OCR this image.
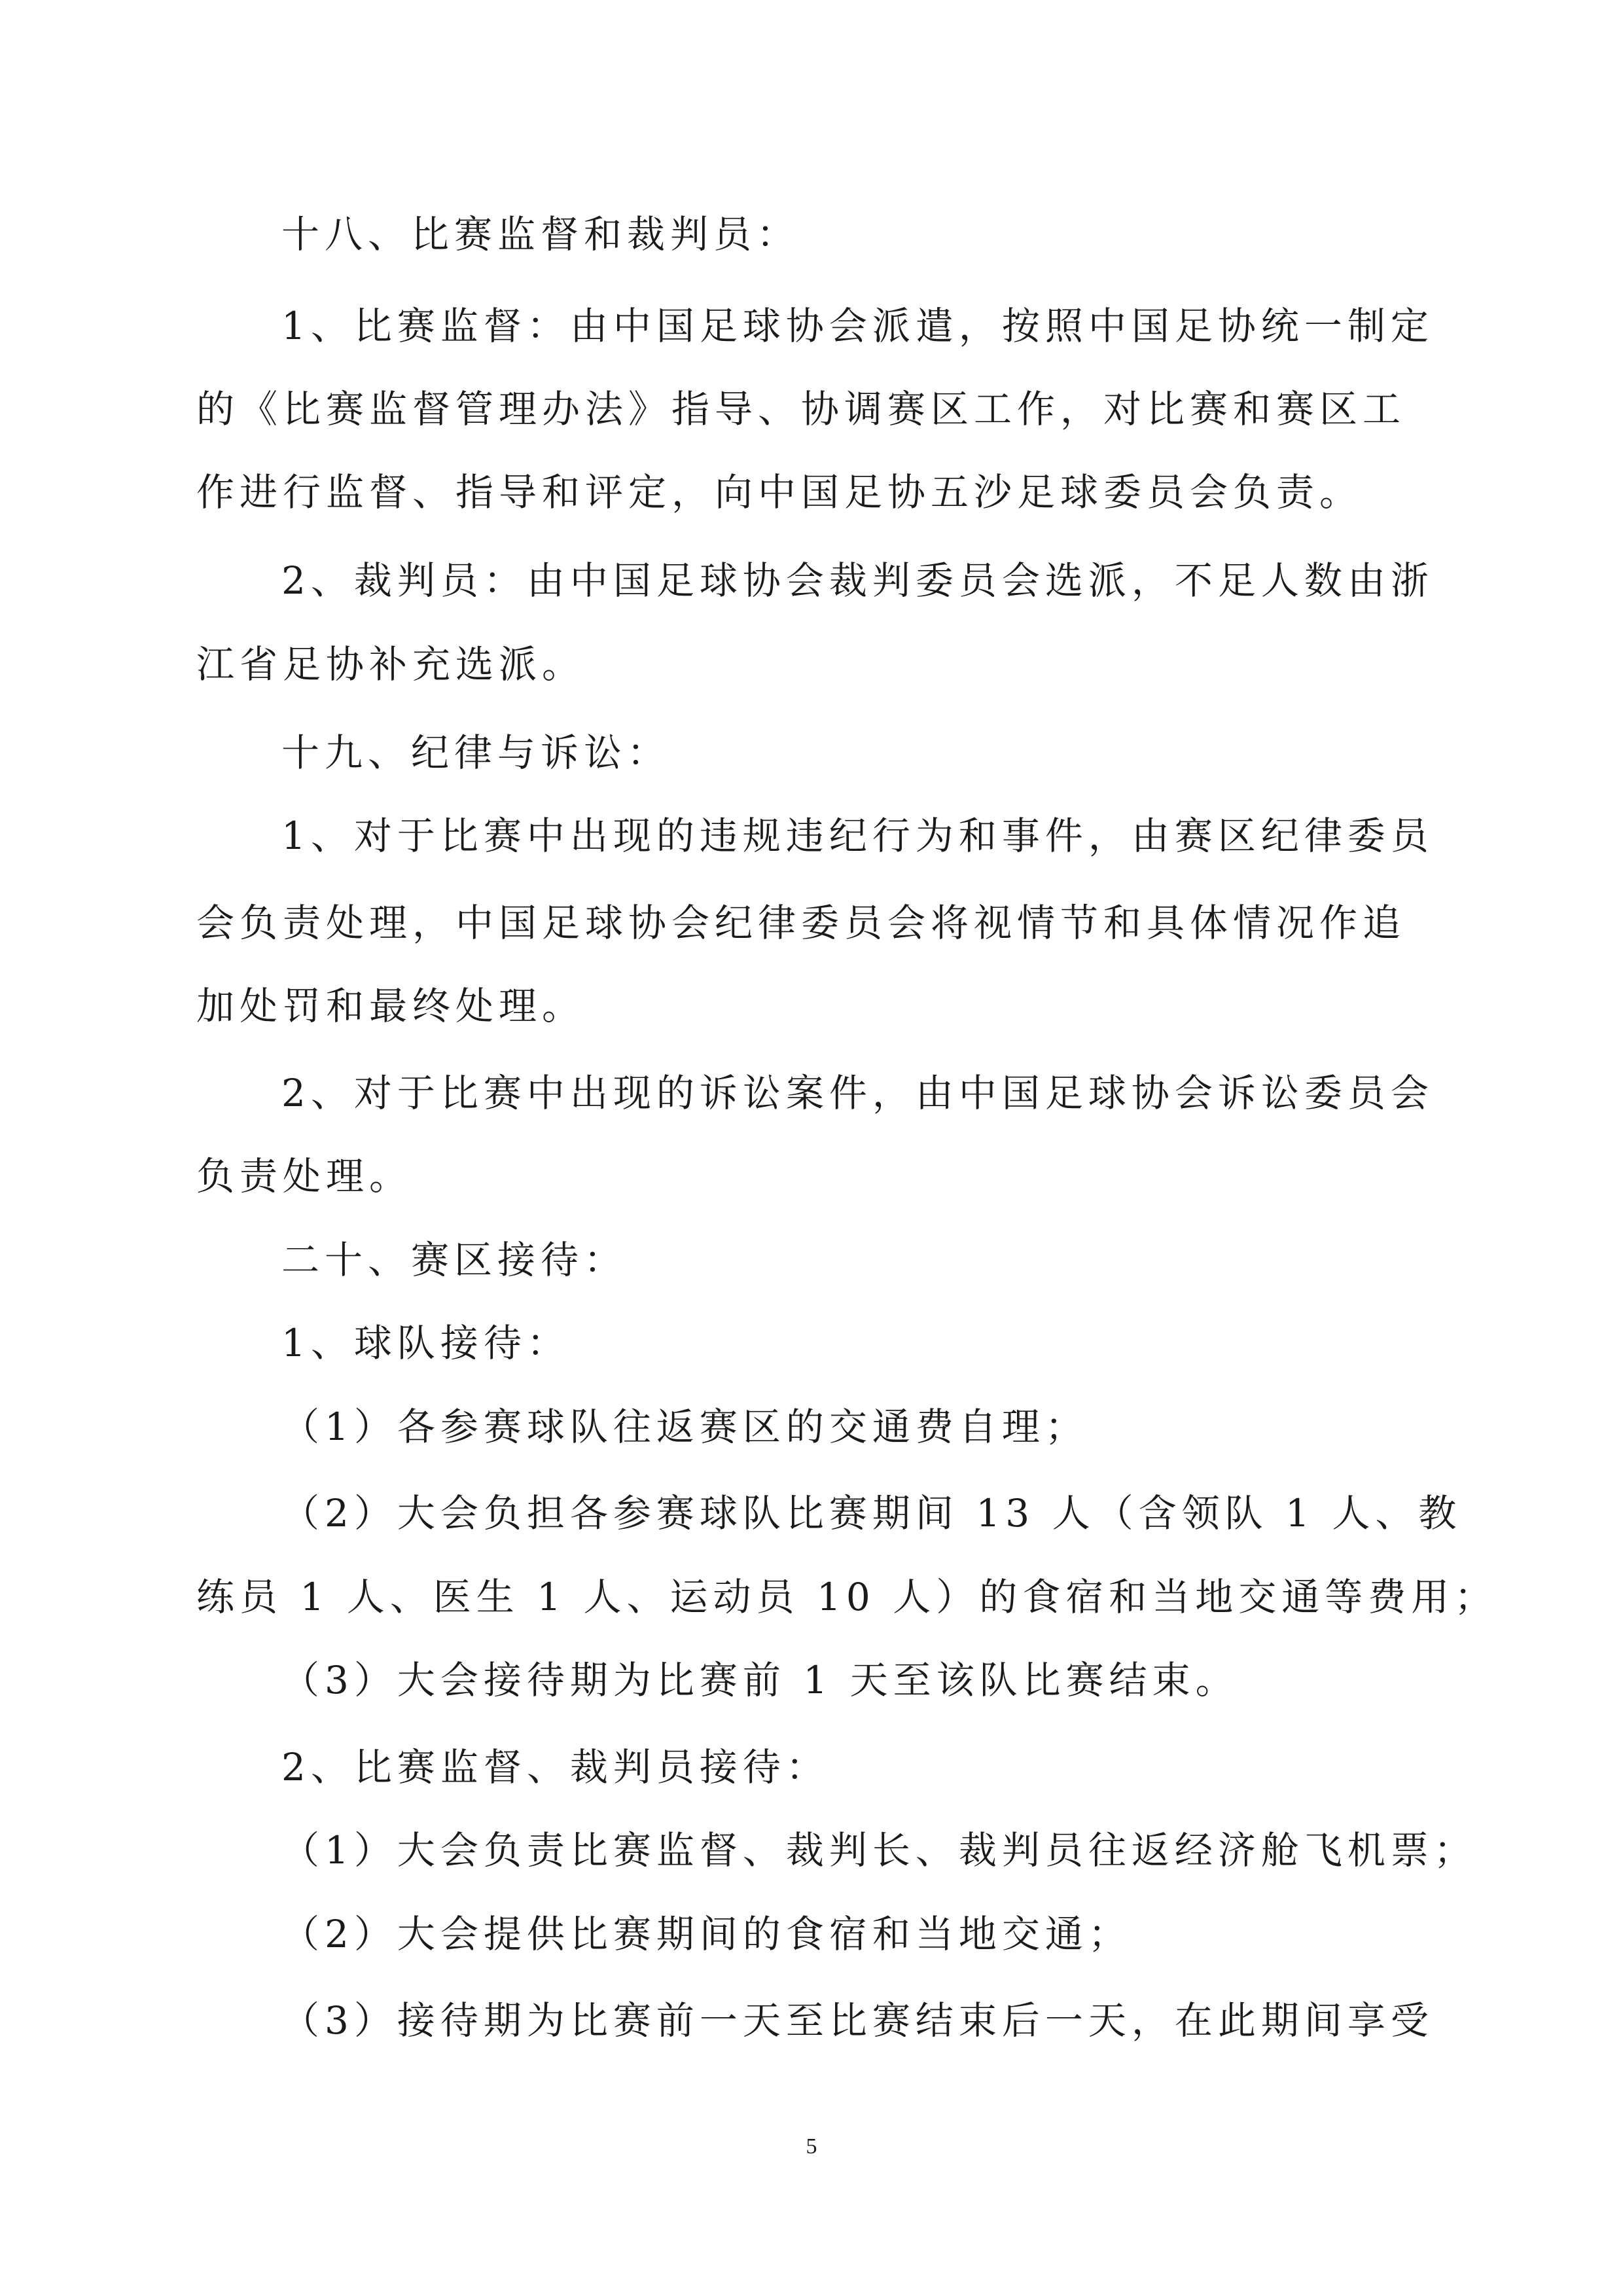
十八、比赛监督和裁判员：
1、比赛监督：由中国足球协会派遣，按照中国足协统一制定
的《比赛监督管理办法》指导、协调赛区工作，对比赛和赛区工
作进行监督、指导和评定，向中国足协五沙足球委员会负责。
2、裁判员：由中国足球协会裁判委员会选派，不足人数由浙
江省足协补充选派。
十九、纪律与诉讼：
1、对于比赛中出现的违规违纪行为和事件，由赛区纪律委员
会负责处理，中国足球协会纪律委员会将视情节和具体情况作追
加处罚和最终处理。
2、对于比赛中出现的诉讼案件，由中国足球协会诉讼委员会
负责处理。
二十、赛区接待：
1、球队接待：
（1）各参赛球队往返赛区的交通费自理；
（2）大会负担各参赛球队比赛期间 13 人（含领队 1 人、教
练员 1 人、医生 1 人、运动员 10 人）的食宿和当地交通等费用；
（3）大会接待期为比赛前 1 天至该队比赛结束。
2、比赛监督、裁判员接待：
（1）大会负责比赛监督、裁判长、裁判员往返经济舱飞机票；
（2）大会提供比赛期间的食宿和当地交通；
（3）接待期为比赛前一天至比赛结束后一天，在此期间享受
5
